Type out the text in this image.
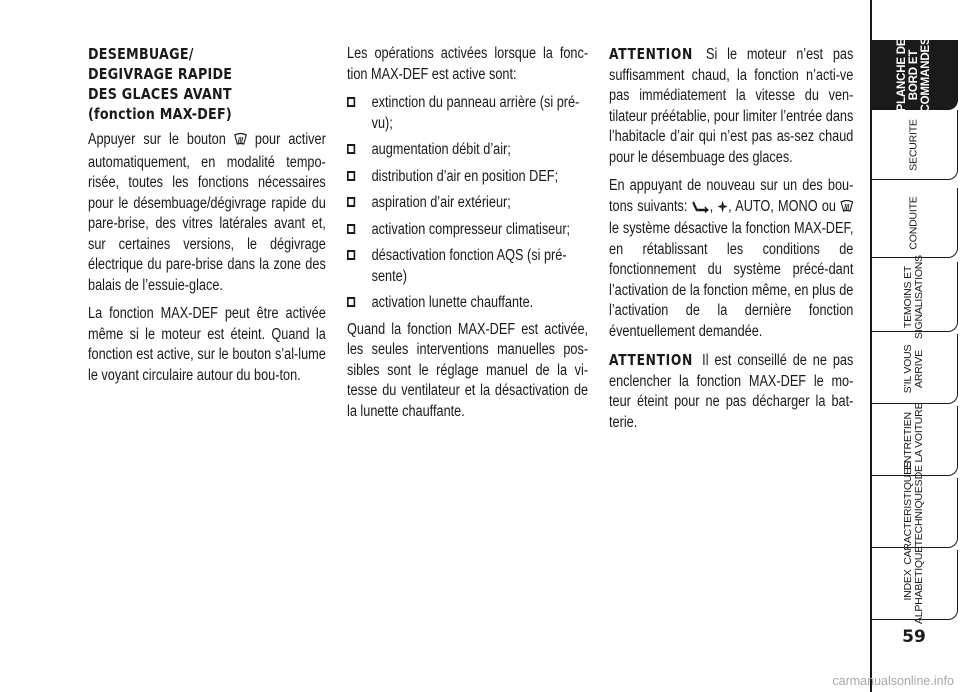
DESEMBUAGE/
DEGIVRAGE RAPIDE
DES GLACES AVANT
(fonction MAX-DEF)

Appuyer sur le bouton pour activer automatiquement, en modalité tempo-risée, toutes les fonctions nécessaires pour le désembuage/dégivrage rapide du pare-brise, des vitres latérales avant et, sur certaines versions, le dégivrage électrique du pare-brise dans la zone des balais de l’essuie-glace.

La fonction MAX-DEF peut être activée même si le moteur est éteint. Quand la fonction est active, sur le bouton s’al-lume le voyant circulaire autour du bou-ton.

Les opérations activées lorsque la fonc-tion MAX-DEF est active sont:

extinction du panneau arrière (si pré-vu);
augmentation débit d’air;
distribution d’air en position DEF;
aspiration d’air extérieur;
activation compresseur climatiseur;
désactivation fonction AQS (si pré-sente)
activation lunette chauffante.

Quand la fonction MAX-DEF est activée, les seules interventions manuelles pos-sibles sont le réglage manuel de la vi-tesse du ventilateur et la désactivation de la lunette chauffante.

ATTENTION Si le moteur n’est pas suffisamment chaud, la fonction n’acti-ve pas immédiatement la vitesse du ven-tilateur préétablie, pour limiter l’entrée dans l’habitacle d’air qui n’est pas as-sez chaud pour le désembuage des glaces.

En appuyant de nouveau sur un des bou-tons suivants: , , AUTO, MONO ou  le système désactive la fonction MAX-DEF, en rétablissant les conditions de fonctionnement du système précé-dant l’activation de la fonction même, en plus de l’activation de la dernière fonction éventuellement demandée.

ATTENTION Il est conseillé de ne pas enclencher la fonction MAX-DEF le mo-teur éteint pour ne pas décharger la bat-terie.

PLANCHE DE
BORD ET
COMMANDES
SECURITE
CONDUITE
TEMOINS ET
SIGNALISATIONS
S’IL VOUS
ARRIVE
ENTRETIEN
DE LA VOITURE
CARACTERISTIQUES
TECHNIQUES
INDEX
ALPHABETIQUE
59
carmanualsonline.info
